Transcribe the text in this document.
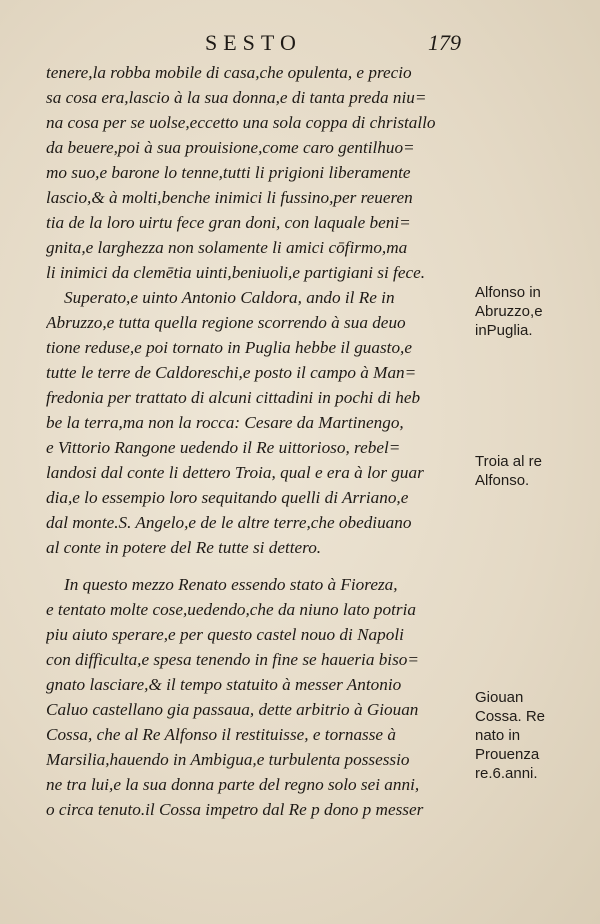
SESTO	179
tenere,la robba mobile di casa,che opulenta, e precio
sa cosa era,lascio à la sua donna,e di tanta preda niu=
na cosa per se uolse,eccetto una sola coppa di christallo
da beuere,poi à sua prouisione,come caro gentilhuo=
mo suo,e barone lo tenne,tutti li prigioni liberamente
lascio,& à molti,benche inimici li fussino,per reueren
tia de la loro uirtu fece gran doni, con laquale beni=
gnita,e larghezza non solamente li amici cōfirmo,ma
li inimici da clemētia uinti,beniuoli,e partigiani si fece.
Superato,e uinto Antonio Caldora, ando il Re in
Abruzzo,e tutta quella regione scorrendo à sua deuo
tione reduse,e poi tornato in Puglia hebbe il guasto,e
tutte le terre de Caldoreschi,e posto il campo à Man=
fredonia per trattato di alcuni cittadini in pochi di heb
be la terra,ma non la rocca: Cesare da Martinengo,
e Vittorio Rangone uedendo il Re uittorioso, rebel=
landosi dal conte li dettero Troia, qual e era à lor guar
dia,e lo essempio loro sequitando quelli di Arriano,e
dal monte.S. Angelo,e de le altre terre,che obediuano
al conte in potere del Re tutte si dettero.
In questo mezzo Renato essendo stato à Fioreza,
e tentato molte cose,uedendo,che da niuno lato potria
piu aiuto sperare,e per questo castel nouo di Napoli
con difficulta,e spesa tenendo in fine se haueria biso=
gnato lasciare,& il tempo statuito à messer Antonio
Caluo castellano gia passaua, dette arbitrio à Giouan
Cossa, che al Re Alfonso il restituisse, e tornasse à
Marsilia,hauendo in Ambigua,e turbulenta possessio
ne tra lui,e la sua donna parte del regno solo sei anni,
o circa tenuto.il Cossa impetro dal Re p dono p messer
Alfonso in
Abruzzo,e
inPuglia.
Troia al re
Alfonso.
Giouan
Cossa. Re
nato in
Prouenza
re.6.anni.
